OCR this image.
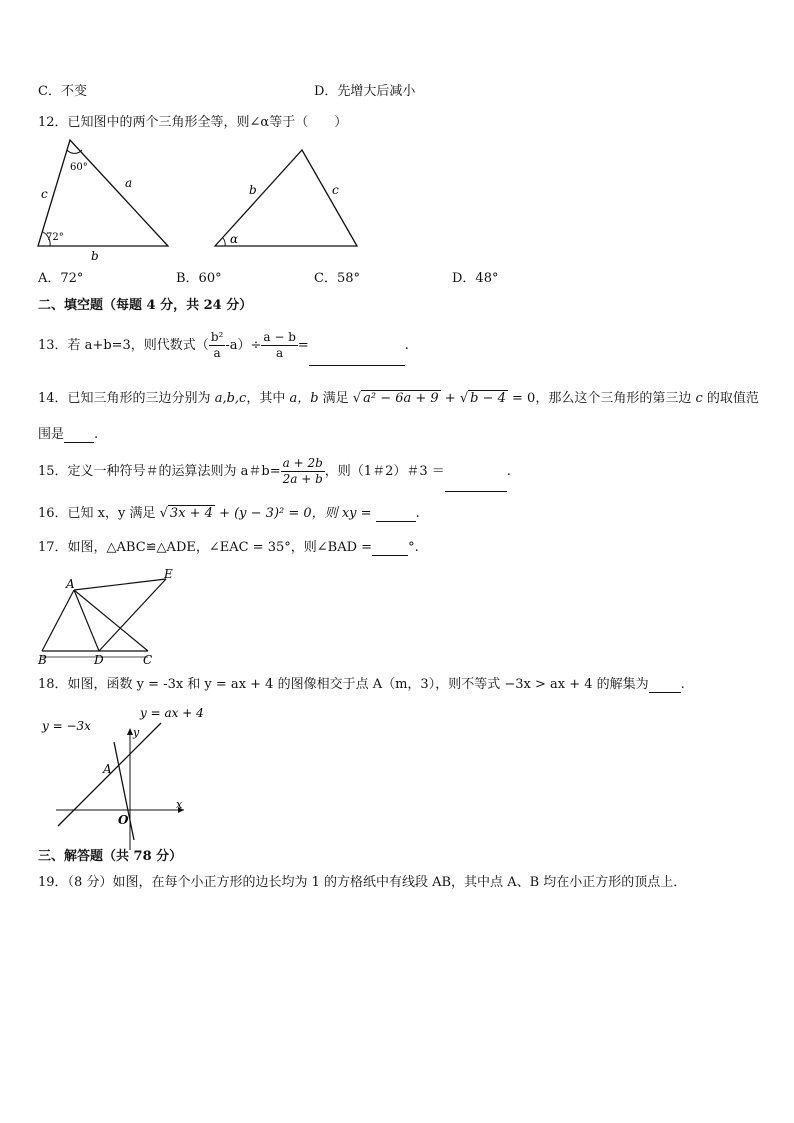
C．不变	D．先增大后减小
12．已知图中的两个三角形全等，则∠α等于（　　）
60°
72°
c
a
b
b	c
α
A．72°	B．60°	C．58°	D．48°
二、填空题（每题 4 分，共 24 分）
13．若 a+b=3，则代数式（ $\frac{\text{b²}}{a} -a)\div \frac{a - b}{a}$ =	.
14．已知三角形的三边分别为 a,b,c，其中 a，b 满足 √ a² − 6a + 9 + √ b − 4 = 0，那么这个三角形的第三边 c 的取值范
围是 .
15．定义一种符号＃的运算法则为 a＃$b= \frac{a + 2b}{2a + b}$ ，则（1＃2）＃3 ＝	.
16．已知 x，y 满足 √ 3x + 4 + (y − 3)² = 0，则 xy =	.
17．如图，△ABC≌△ADE，∠EAC = 35°，则∠BAD =	°.
A
E
B	D	C
18．如图，函数 y = -3x 和 y = ax + 4 的图像相交于点 A（m，3），则不等式 −3x > ax + 4 的解集为 .
y = −3x
y = ax + 4
y
x
A
O
三、解答题（共 78 分）
19．（8 分）如图，在每个小正方形的边长均为 1 的方格纸中有线段 AB，其中点 A、B 均在小正方形的顶点上．
